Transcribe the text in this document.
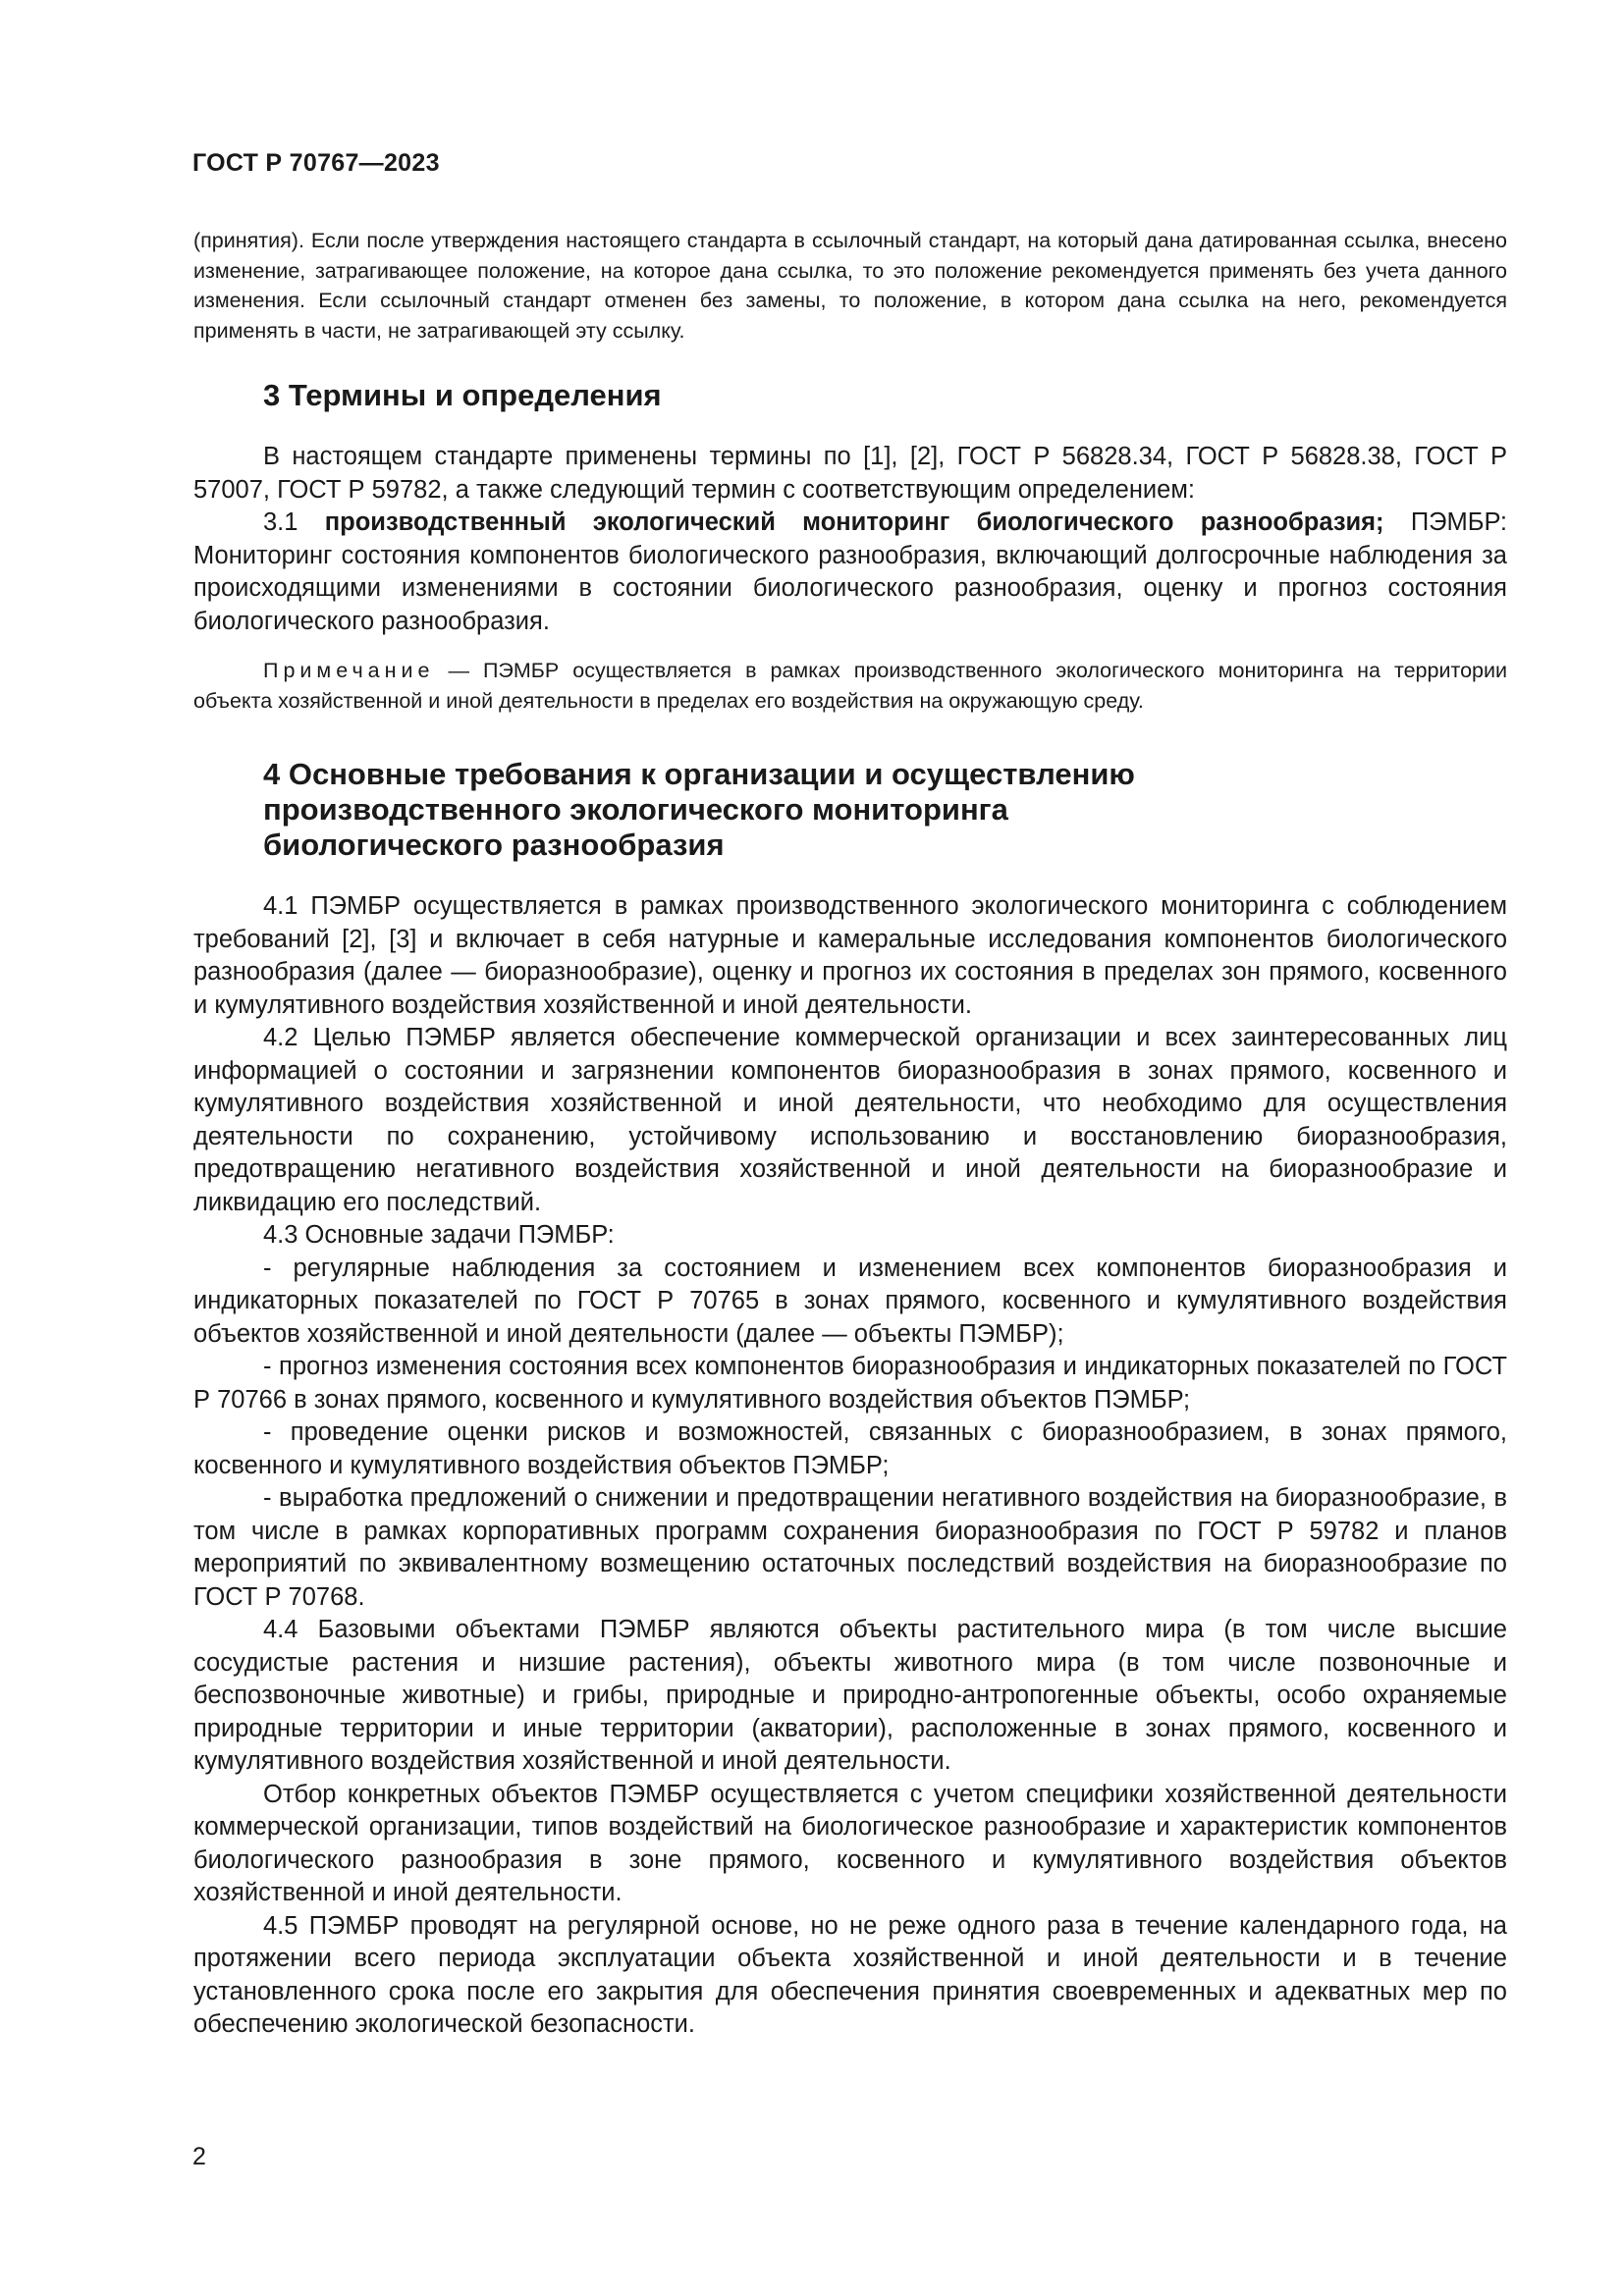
ГОСТ Р 70767—2023

(принятия). Если после утверждения настоящего стандарта в ссылочный стандарт, на который дана датированная ссылка, внесено изменение, затрагивающее положение, на которое дана ссылка, то это положение рекомендуется применять без учета данного изменения. Если ссылочный стандарт отменен без замены, то положение, в котором дана ссылка на него, рекомендуется применять в части, не затрагивающей эту ссылку.

3 Термины и определения

В настоящем стандарте применены термины по [1], [2], ГОСТ Р 56828.34, ГОСТ Р 56828.38, ГОСТ Р 57007, ГОСТ Р 59782, а также следующий термин с соответствующим определением:

3.1 производственный экологический мониторинг биологического разнообразия; ПЭМБР: Мониторинг состояния компонентов биологического разнообразия, включающий долгосрочные наблюдения за происходящими изменениями в состоянии биологического разнообразия, оценку и прогноз состояния биологического разнообразия.

Примечание — ПЭМБР осуществляется в рамках производственного экологического мониторинга на территории объекта хозяйственной и иной деятельности в пределах его воздействия на окружающую среду.

4 Основные требования к организации и осуществлению
производственного экологического мониторинга
биологического разнообразия

4.1 ПЭМБР осуществляется в рамках производственного экологического мониторинга с соблюдением требований [2], [3] и включает в себя натурные и камеральные исследования компонентов биологического разнообразия (далее — биоразнообразие), оценку и прогноз их состояния в пределах зон прямого, косвенного и кумулятивного воздействия хозяйственной и иной деятельности.

4.2 Целью ПЭМБР является обеспечение коммерческой организации и всех заинтересованных лиц информацией о состоянии и загрязнении компонентов биоразнообразия в зонах прямого, косвенного и кумулятивного воздействия хозяйственной и иной деятельности, что необходимо для осуществления деятельности по сохранению, устойчивому использованию и восстановлению биоразнообразия, предотвращению негативного воздействия хозяйственной и иной деятельности на биоразнообразие и ликвидацию его последствий.

4.3 Основные задачи ПЭМБР:

- регулярные наблюдения за состоянием и изменением всех компонентов биоразнообразия и индикаторных показателей по ГОСТ Р 70765 в зонах прямого, косвенного и кумулятивного воздействия объектов хозяйственной и иной деятельности (далее — объекты ПЭМБР);

- прогноз изменения состояния всех компонентов биоразнообразия и индикаторных показателей по ГОСТ Р 70766 в зонах прямого, косвенного и кумулятивного воздействия объектов ПЭМБР;

- проведение оценки рисков и возможностей, связанных с биоразнообразием, в зонах прямого, косвенного и кумулятивного воздействия объектов ПЭМБР;

- выработка предложений о снижении и предотвращении негативного воздействия на биоразнообразие, в том числе в рамках корпоративных программ сохранения биоразнообразия по ГОСТ Р 59782 и планов мероприятий по эквивалентному возмещению остаточных последствий воздействия на биоразнообразие по ГОСТ Р 70768.

4.4 Базовыми объектами ПЭМБР являются объекты растительного мира (в том числе высшие сосудистые растения и низшие растения), объекты животного мира (в том числе позвоночные и беспозвоночные животные) и грибы, природные и природно-антропогенные объекты, особо охраняемые природные территории и иные территории (акватории), расположенные в зонах прямого, косвенного и кумулятивного воздействия хозяйственной и иной деятельности.

Отбор конкретных объектов ПЭМБР осуществляется с учетом специфики хозяйственной деятельности коммерческой организации, типов воздействий на биологическое разнообразие и характеристик компонентов биологического разнообразия в зоне прямого, косвенного и кумулятивного воздействия объектов хозяйственной и иной деятельности.

4.5 ПЭМБР проводят на регулярной основе, но не реже одного раза в течение календарного года, на протяжении всего периода эксплуатации объекта хозяйственной и иной деятельности и в течение установленного срока после его закрытия для обеспечения принятия своевременных и адекватных мер по обеспечению экологической безопасности.

2
